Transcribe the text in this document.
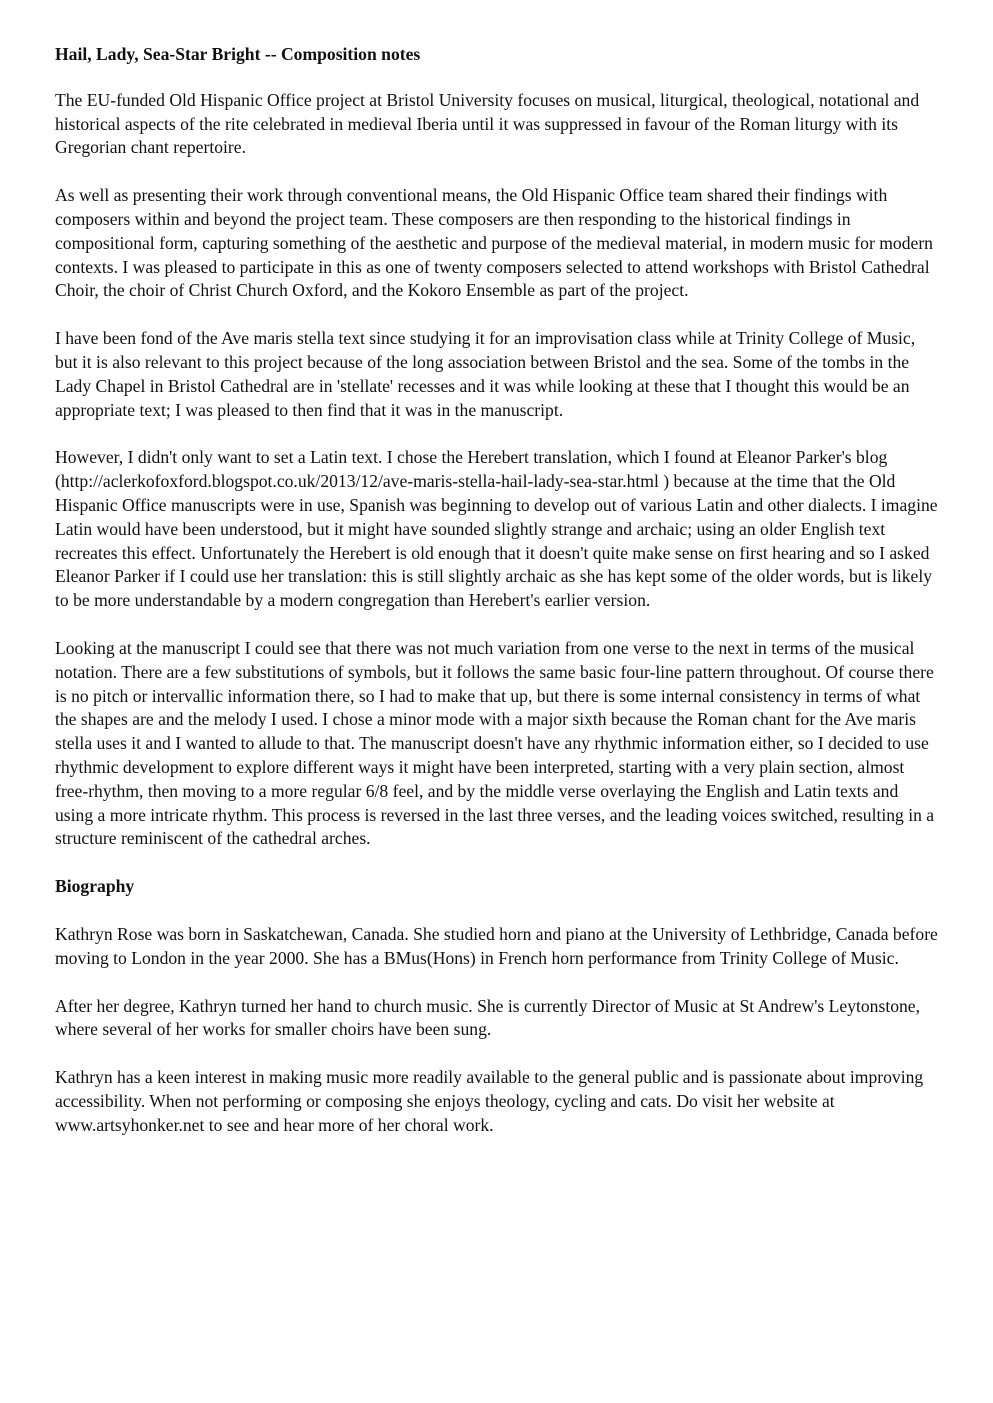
Hail, Lady, Sea-Star Bright -- Composition notes

The EU-funded Old Hispanic Office project at Bristol University focuses on musical, liturgical, theological, notational and historical aspects of the rite celebrated in medieval Iberia until it was suppressed in favour of the Roman liturgy with its Gregorian chant repertoire.

As well as presenting their work through conventional means, the Old Hispanic Office team shared their findings with composers within and beyond the project team. These composers are then responding to the historical findings in compositional form, capturing something of the aesthetic and purpose of the medieval material, in modern music for modern contexts. I was pleased to participate in this as one of twenty composers selected to attend workshops with Bristol Cathedral Choir, the choir of Christ Church Oxford, and the Kokoro Ensemble as part of the project.

I have been fond of the Ave maris stella text since studying it for an improvisation class while at Trinity College of Music, but it is also relevant to this project because of the long association between Bristol and the sea. Some of the tombs in the Lady Chapel in Bristol Cathedral are in 'stellate' recesses and it was while looking at these that I thought this would be an appropriate text; I was pleased to then find that it was in the manuscript.

However, I didn't only want to set a Latin text. I chose the Herebert translation, which I found at Eleanor Parker's blog (http://aclerkofoxford.blogspot.co.uk/2013/12/ave-maris-stella-hail-lady-sea-star.html ) because at the time that the Old Hispanic Office manuscripts were in use, Spanish was beginning to develop out of various Latin and other dialects. I imagine Latin would have been understood, but it might have sounded slightly strange and archaic; using an older English text recreates this effect. Unfortunately the Herebert is old enough that it doesn't quite make sense on first hearing and so I asked Eleanor Parker if I could use her translation: this is still slightly archaic as she has kept some of the older words, but is likely to be more understandable by a modern congregation than Herebert's earlier version.

Looking at the manuscript I could see that there was not much variation from one verse to the next in terms of the musical notation. There are a few substitutions of symbols, but it follows the same basic four-line pattern throughout. Of course there is no pitch or intervallic information there, so I had to make that up, but there is some internal consistency in terms of what the shapes are and the melody I used. I chose a minor mode with a major sixth because the Roman chant for the Ave maris stella uses it and I wanted to allude to that. The manuscript doesn't have any rhythmic information either, so I decided to use rhythmic development to explore different ways it might have been interpreted, starting with a very plain section, almost free-rhythm, then moving to a more regular 6/8 feel, and by the middle verse overlaying the English and Latin texts and using a more intricate rhythm. This process is reversed in the last three verses, and the leading voices switched, resulting in a structure reminiscent of the cathedral arches.

Biography

Kathryn Rose was born in Saskatchewan, Canada. She studied horn and piano at the University of Lethbridge, Canada before moving to London in the year 2000. She has a BMus(Hons) in French horn performance from Trinity College of Music.

After her degree, Kathryn turned her hand to church music. She is currently Director of Music at St Andrew's Leytonstone, where several of her works for smaller choirs have been sung.

Kathryn has a keen interest in making music more readily available to the general public and is passionate about improving accessibility. When not performing or composing she enjoys theology, cycling and cats. Do visit her website at www.artsyhonker.net to see and hear more of her choral work.
